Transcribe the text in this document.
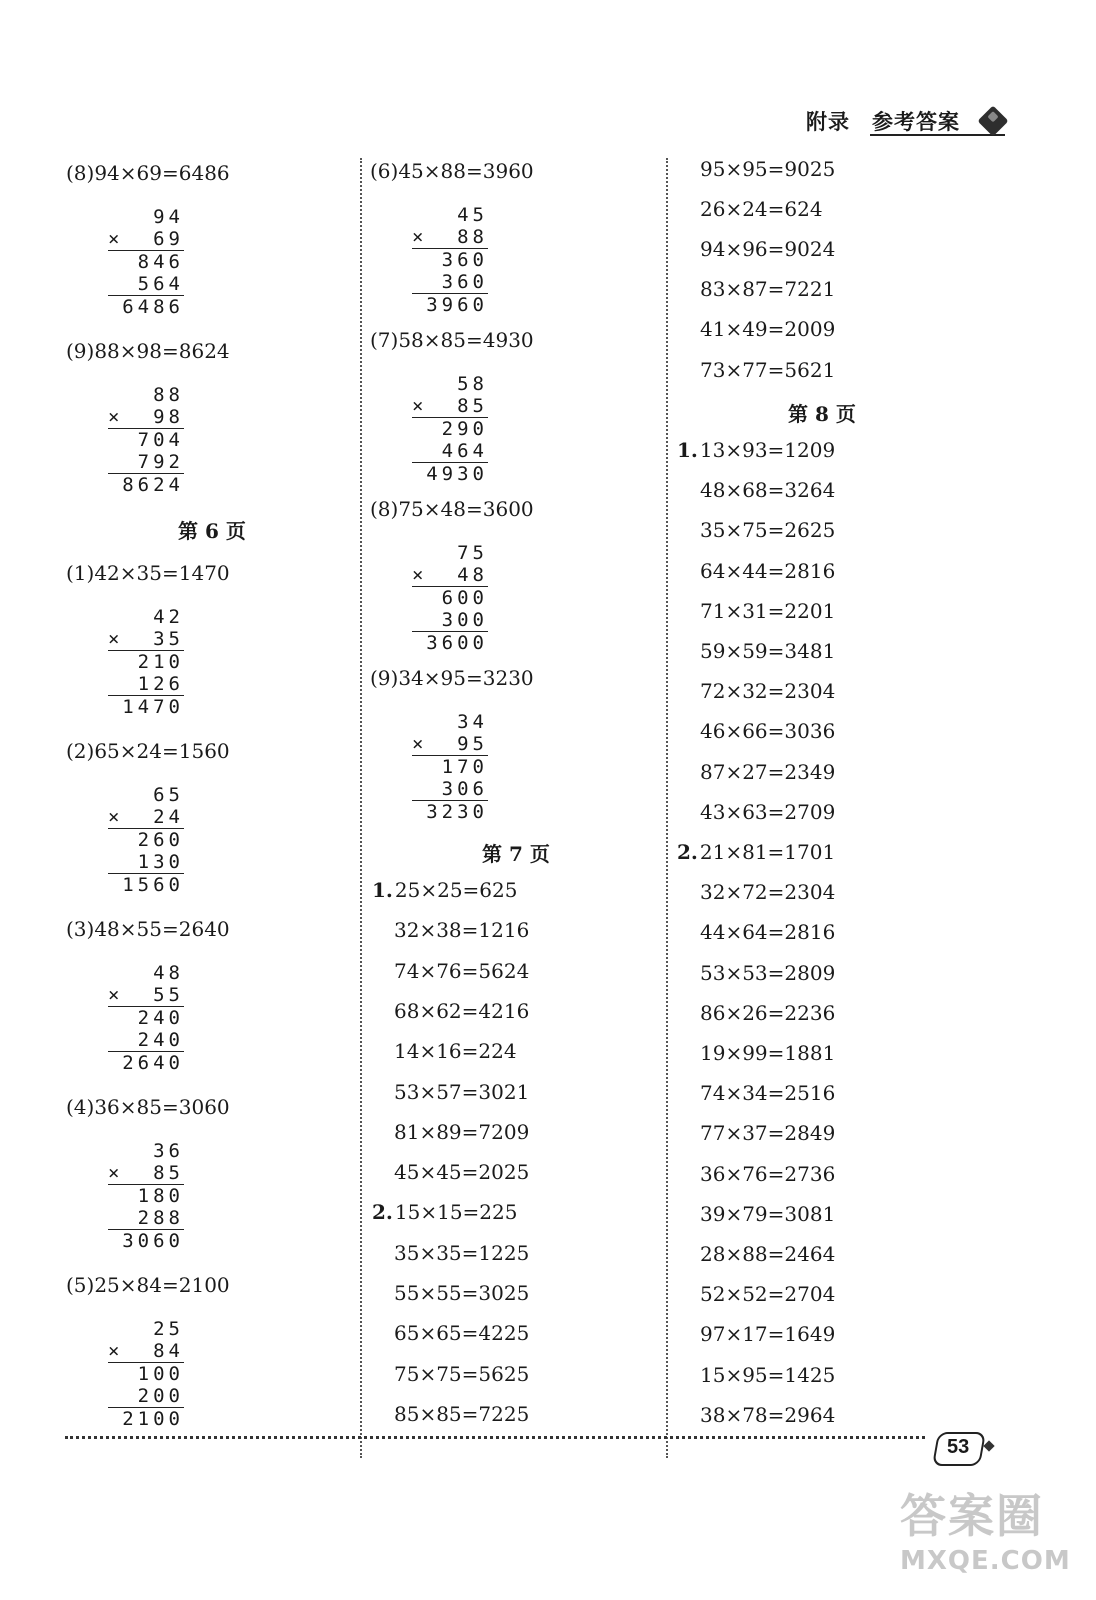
附录 参考答案
(8)94×69=6486
94
× 69
846
564
6486
(9)88×98=8624
88
× 98
704
792
8624
第 6 页
(1)42×35=1470
42
× 35
210
126
1470
(2)65×24=1560
65
× 24
260
130
1560
(3)48×55=2640
48
× 55
240
240
2640
(4)36×85=3060
36
× 85
180
288
3060
(5)25×84=2100
25
× 84
100
200
2100
(6)45×88=3960
45
× 88
360
360
3960
(7)58×85=4930
58
× 85
290
464
4930
(8)75×48=3600
75
× 48
600
300
3600
(9)34×95=3230
34
× 95
170
306
3230
第 7 页
1. 25×25=625
32×38=1216
74×76=5624
68×62=4216
14×16=224
53×57=3021
81×89=7209
45×45=2025
2. 15×15=225
35×35=1225
55×55=3025
65×65=4225
75×75=5625
85×85=7225
95×95=9025
26×24=624
94×96=9024
83×87=7221
41×49=2009
73×77=5621
第 8 页
1. 13×93=1209
48×68=3264
35×75=2625
64×44=2816
71×31=2201
59×59=3481
72×32=2304
46×66=3036
87×27=2349
43×63=2709
2. 21×81=1701
32×72=2304
44×64=2816
53×53=2809
86×26=2236
19×99=1881
74×34=2516
77×37=2849
36×76=2736
39×79=3081
28×88=2464
52×52=2704
97×17=1649
15×95=1425
38×78=2964
53
答案圈
MXQE.COM
